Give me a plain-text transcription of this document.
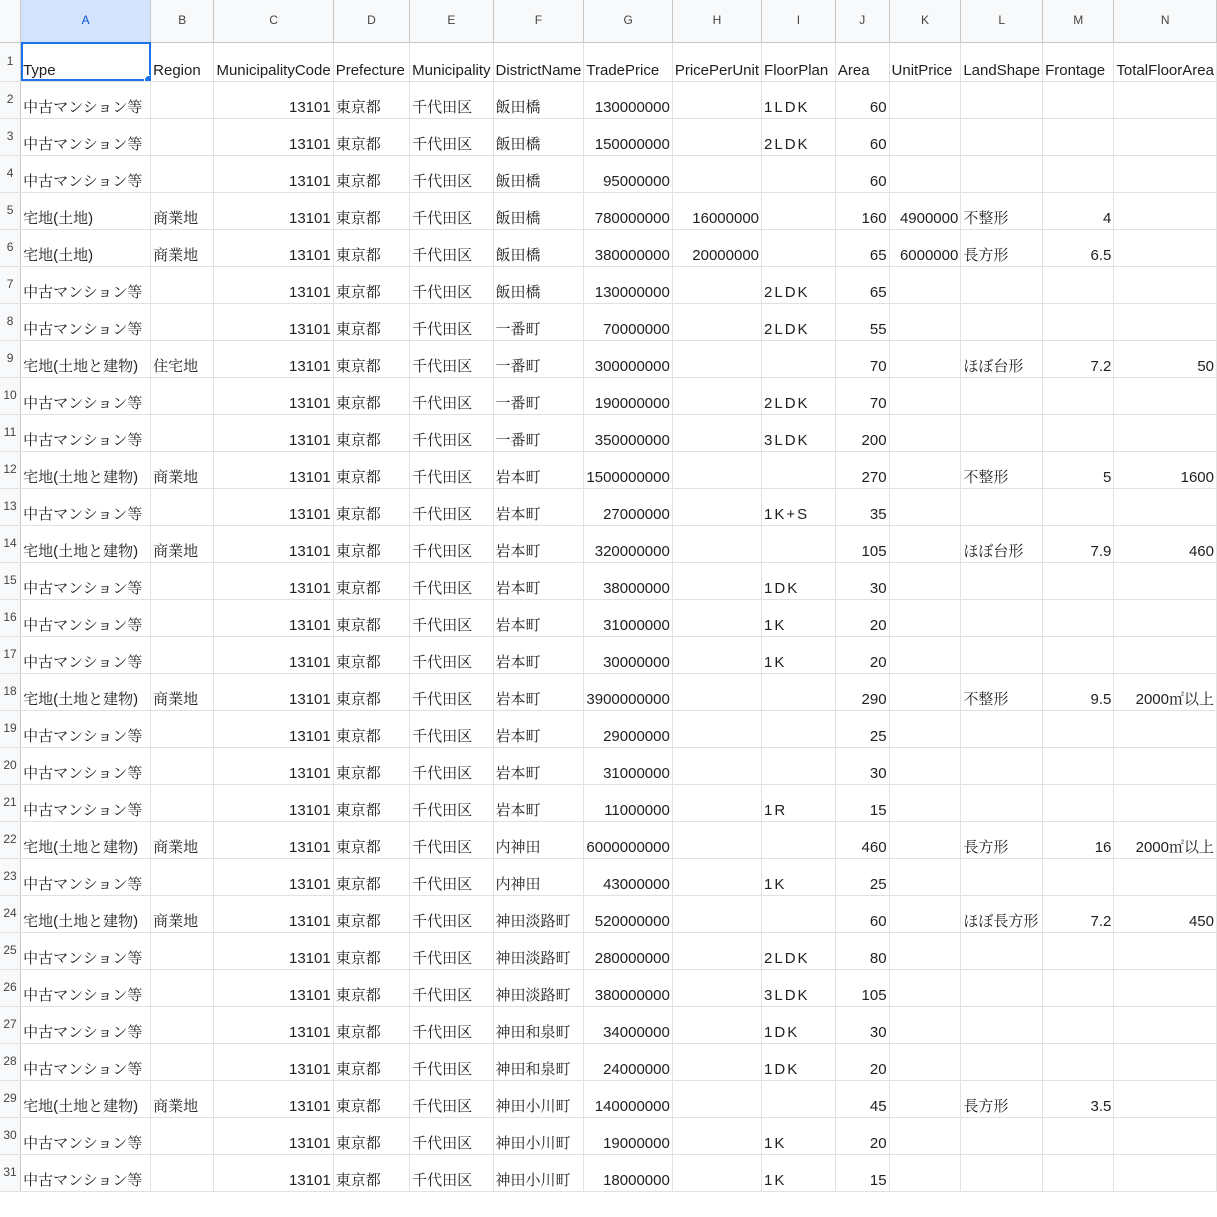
	A	B	C	D	E	F	G	H	I	J	K	L	M	N
1	Type	Region	MunicipalityCode	Prefecture	Municipality	DistrictName	TradePrice	PricePerUnit	FloorPlan	Area	UnitPrice	LandShape	Frontage	TotalFloorArea
2	中古マンション等		13101	東京都	千代田区	飯田橋	130000000		1LDK	60				
3	中古マンション等		13101	東京都	千代田区	飯田橋	150000000		2LDK	60				
4	中古マンション等		13101	東京都	千代田区	飯田橋	95000000			60				
5	宅地(土地)	商業地	13101	東京都	千代田区	飯田橋	780000000	16000000		160	4900000	不整形	4	
6	宅地(土地)	商業地	13101	東京都	千代田区	飯田橋	380000000	20000000		65	6000000	長方形	6.5	
7	中古マンション等		13101	東京都	千代田区	飯田橋	130000000		2LDK	65				
8	中古マンション等		13101	東京都	千代田区	一番町	70000000		2LDK	55				
9	宅地(土地と建物)	住宅地	13101	東京都	千代田区	一番町	300000000			70		ほぼ台形	7.2	50
10	中古マンション等		13101	東京都	千代田区	一番町	190000000		2LDK	70				
11	中古マンション等		13101	東京都	千代田区	一番町	350000000		3LDK	200				
12	宅地(土地と建物)	商業地	13101	東京都	千代田区	岩本町	1500000000			270		不整形	5	1600
13	中古マンション等		13101	東京都	千代田区	岩本町	27000000		1K+S	35				
14	宅地(土地と建物)	商業地	13101	東京都	千代田区	岩本町	320000000			105		ほぼ台形	7.9	460
15	中古マンション等		13101	東京都	千代田区	岩本町	38000000		1DK	30				
16	中古マンション等		13101	東京都	千代田区	岩本町	31000000		1K	20				
17	中古マンション等		13101	東京都	千代田区	岩本町	30000000		1K	20				
18	宅地(土地と建物)	商業地	13101	東京都	千代田区	岩本町	3900000000			290		不整形	9.5	2000㎡以上
19	中古マンション等		13101	東京都	千代田区	岩本町	29000000			25				
20	中古マンション等		13101	東京都	千代田区	岩本町	31000000			30				
21	中古マンション等		13101	東京都	千代田区	岩本町	11000000		1R	15				
22	宅地(土地と建物)	商業地	13101	東京都	千代田区	内神田	6000000000			460		長方形	16	2000㎡以上
23	中古マンション等		13101	東京都	千代田区	内神田	43000000		1K	25				
24	宅地(土地と建物)	商業地	13101	東京都	千代田区	神田淡路町	520000000			60		ほぼ長方形	7.2	450
25	中古マンション等		13101	東京都	千代田区	神田淡路町	280000000		2LDK	80				
26	中古マンション等		13101	東京都	千代田区	神田淡路町	380000000		3LDK	105				
27	中古マンション等		13101	東京都	千代田区	神田和泉町	34000000		1DK	30				
28	中古マンション等		13101	東京都	千代田区	神田和泉町	24000000		1DK	20				
29	宅地(土地と建物)	商業地	13101	東京都	千代田区	神田小川町	140000000			45		長方形	3.5	
30	中古マンション等		13101	東京都	千代田区	神田小川町	19000000		1K	20				
31	中古マンション等		13101	東京都	千代田区	神田小川町	18000000		1K	15				
